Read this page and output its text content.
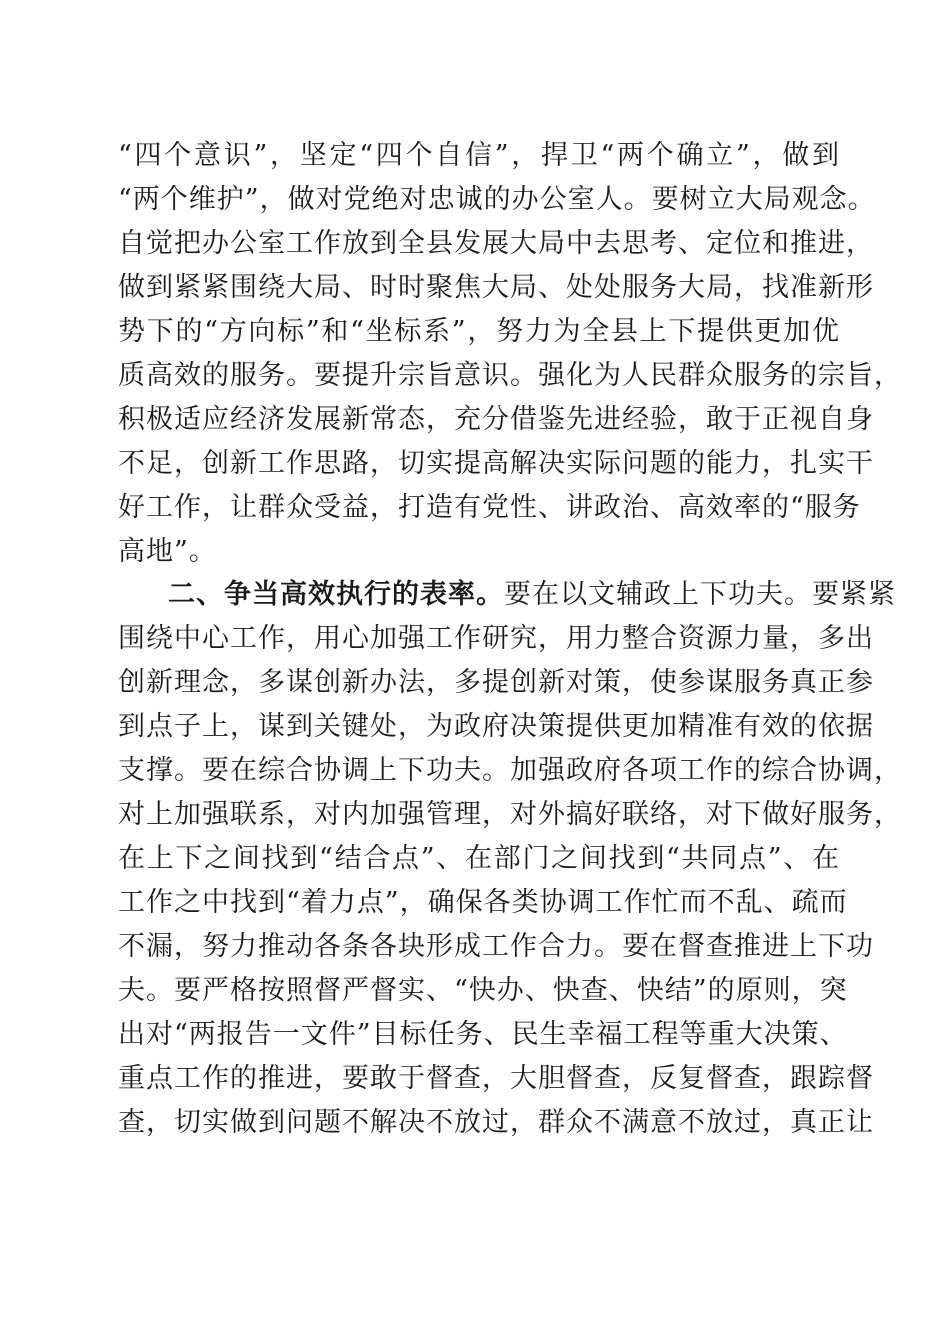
“四个意识”，坚定“四个自信”，捍卫“两个确立”，做到
“两个维护”，做对党绝对忠诚的办公室人。要树立大局观念。
自觉把办公室工作放到全县发展大局中去思考、定位和推进，
做到紧紧围绕大局、时时聚焦大局、处处服务大局，找准新形
势下的“方向标”和“坐标系”，努力为全县上下提供更加优
质高效的服务。要提升宗旨意识。强化为人民群众服务的宗旨，
积极适应经济发展新常态，充分借鉴先进经验，敢于正视自身
不足，创新工作思路，切实提高解决实际问题的能力，扎实干
好工作，让群众受益，打造有党性、讲政治、高效率的“服务
高地”。
二、争当高效执行的表率。要在以文辅政上下功夫。要紧紧
围绕中心工作，用心加强工作研究，用力整合资源力量，多出
创新理念，多谋创新办法，多提创新对策，使参谋服务真正参
到点子上，谋到关键处，为政府决策提供更加精准有效的依据
支撑。要在综合协调上下功夫。加强政府各项工作的综合协调，
对上加强联系，对内加强管理，对外搞好联络，对下做好服务，
在上下之间找到“结合点”、在部门之间找到“共同点”、在
工作之中找到“着力点”，确保各类协调工作忙而不乱、疏而
不漏，努力推动各条各块形成工作合力。要在督查推进上下功
夫。要严格按照督严督实、“快办、快查、快结”的原则，突
出对“两报告一文件”目标任务、民生幸福工程等重大决策、
重点工作的推进，要敢于督查，大胆督查，反复督查，跟踪督
查，切实做到问题不解决不放过，群众不满意不放过，真正让
